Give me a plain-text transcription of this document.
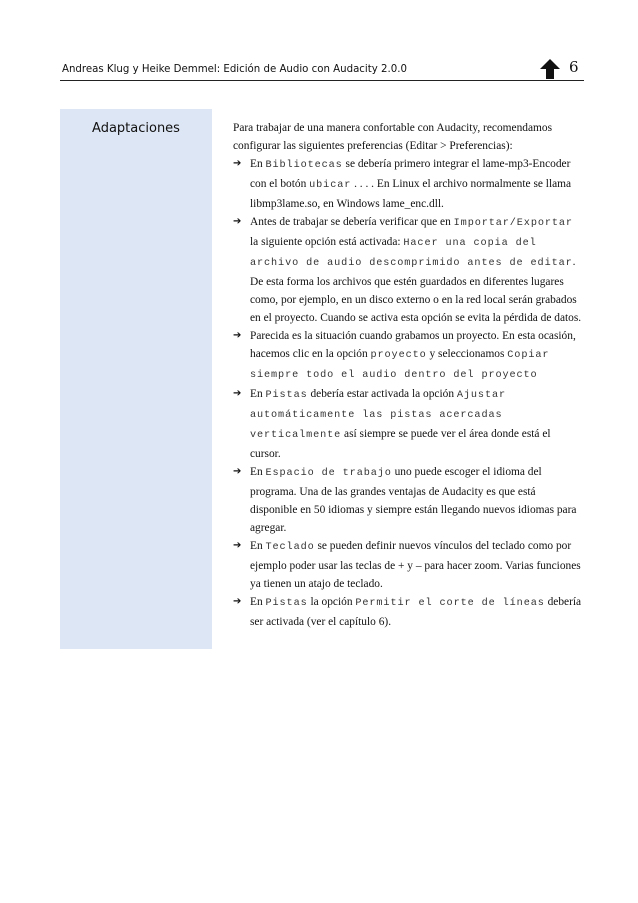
Andreas Klug y Heike Demmel: Edición de Audio con Audacity 2.0.0	6
Adaptaciones	Para trabajar de una manera confortable con Audacity, recomendamos configurar las siguientes preferencias (Editar > Preferencias):

➔ En Bibliotecas se debería primero integrar el lame-mp3-Encoder con el botón ubicar . . . . En Linux el archivo normalmente se llama libmp3lame.so, en Windows lame_enc.dll.
➔ Antes de trabajar se debería verificar que en Importar/Exportar la siguiente opción está activada: Hacer una copia del archivo de audio descomprimido antes de editar. De esta forma los archivos que estén guardados en diferentes lugares como, por ejemplo, en un disco externo o en la red local serán grabados en el proyecto. Cuando se activa esta opción se evita la pérdida de datos.
➔ Parecida es la situación cuando grabamos un proyecto. En esta ocasión, hacemos clic en la opción proyecto y seleccionamos Copiar siempre todo el audio dentro del proyecto
➔ En Pistas debería estar activada la opción Ajustar automáticamente las pistas acercadas verticalmente así siempre se puede ver el área donde está el cursor.
➔ En Espacio de trabajo uno puede escoger el idioma del programa. Una de las grandes ventajas de Audacity es que está disponible en 50 idiomas y siempre están llegando nuevos idiomas para agregar.
➔ En Teclado se pueden definir nuevos vínculos del teclado como por ejemplo poder usar las teclas de + y – para hacer zoom. Varias funciones ya tienen un atajo de teclado.
➔ En Pistas la opción Permitir el corte de líneas debería ser activada (ver el capítulo 6).
